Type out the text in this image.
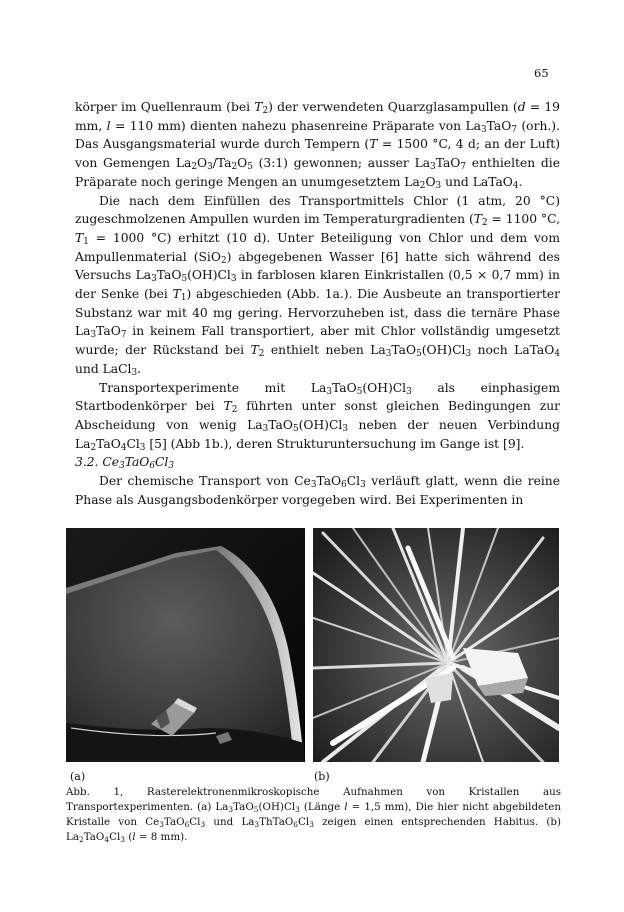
65

körper im Quellenraum (bei $T_2$) der verwendeten Quarzglasampullen (d = 19 mm, l = 110 mm) dienten nahezu phasenreine Präparate von $La_3TaO_7$ (orh.). Das Ausgangsmaterial wurde durch Tempern (T = 1500 °C, 4 d; an der Luft) von Gemengen $La_2O_3/Ta_2O_5$ (3:1) gewonnen; ausser $La_3TaO_7$ enthielten die Präparate noch geringe Mengen an unumgesetztem $La_2O_3$ und LaTaO$_4$.

Die nach dem Einfüllen des Transportmittels Chlor (1 atm, 20 °C) zugeschmolzenen Ampullen wurden im Temperaturgradienten ($T_2 = 1100$ °C, $T_1 = 1000$ °C) erhitzt (10 d). Unter Beteiligung von Chlor und dem vom Ampullenmaterial (SiO$_2$) abgegebenen Wasser [6] hatte sich während des Versuchs $La_3TaO_5(OH)Cl_3$ in farblosen klaren Einkristallen (0,5 × 0,7 mm) in der Senke (bei $T_1$) abgeschieden (Abb. 1a.). Die Ausbeute an transportierter Substanz war mit 40 mg gering. Hervorzuheben ist, dass die ternäre Phase $La_3TaO_7$ in keinem Fall transportiert, aber mit Chlor vollständig umgesetzt wurde; der Rückstand bei $T_2$ enthielt neben $La_3TaO_5(OH)Cl_3$ noch LaTaO$_4$ und LaCl$_3$.

Transportexperimente mit $La_3TaO_5(OH)Cl_3$ als einphasigem Startbodenkörper bei $T_2$ führten unter sonst gleichen Bedingungen zur Abscheidung von wenig $La_3TaO_5(OH)Cl_3$ neben der neuen Verbindung $La_2TaO_4Cl_3$ [5] (Abb 1b.), deren Strukturuntersuchung im Gange ist [9].

3.2. $Ce_3TaO_6Cl_3$

Der chemische Transport von $Ce_3TaO_6Cl_3$ verläuft glatt, wenn die reine Phase als Ausgangsbodenkörper vorgegeben wird. Bei Experimenten in

(a)	(b)
Abb. 1, Rasterelektronenmikroskopische Aufnahmen von Kristallen aus Transportexperimenten. (a) $La_3TaO_5(OH)Cl_3$ (Länge l = 1,5 mm), Die hier nicht abgebildeten Kristalle von $Ce_3TaO_6Cl_3$ und $La_3ThTaO_6Cl_3$ zeigen einen entsprechenden Habitus. (b) $La_2TaO_4Cl_3$ (l = 8 mm).
